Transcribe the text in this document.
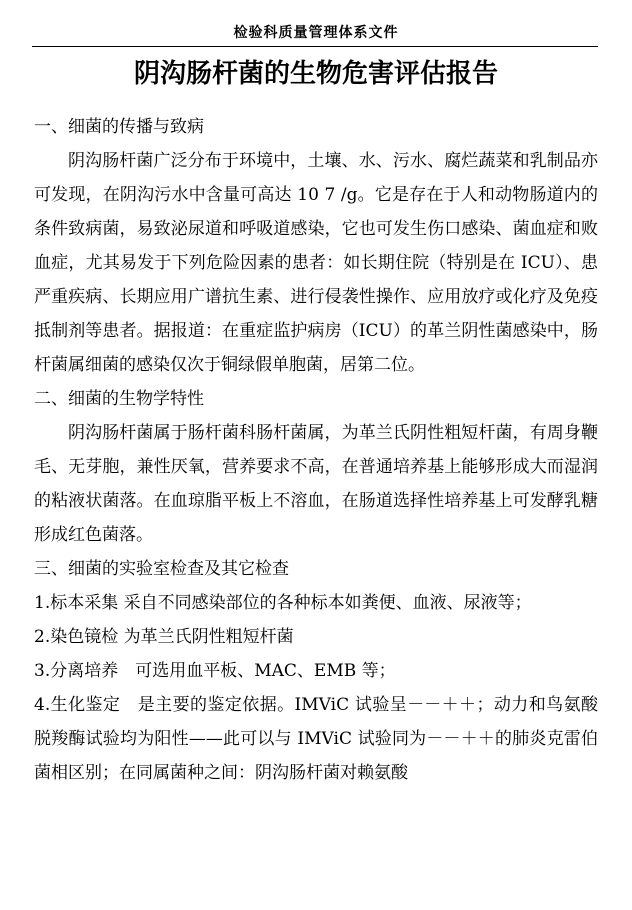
检验科质量管理体系文件
阴沟肠杆菌的生物危害评估报告

一、细菌的传播与致病

阴沟肠杆菌广泛分布于环境中，土壤、水、污水、腐烂蔬菜和乳制品亦可发现，在阴沟污水中含量可高达 10 7 /g。它是存在于人和动物肠道内的条件致病菌，易致泌尿道和呼吸道感染，它也可发生伤口感染、菌血症和败血症，尤其易发于下列危险因素的患者：如长期住院（特别是在 ICU）、患严重疾病、长期应用广谱抗生素、进行侵袭性操作、应用放疗或化疗及免疫抵制剂等患者。据报道：在重症监护病房（ICU）的革兰阴性菌感染中，肠杆菌属细菌的感染仅次于铜绿假单胞菌，居第二位。

二、细菌的生物学特性

阴沟肠杆菌属于肠杆菌科肠杆菌属，为革兰氏阴性粗短杆菌，有周身鞭毛、无芽胞，兼性厌氧，营养要求不高，在普通培养基上能够形成大而湿润的粘液状菌落。在血琼脂平板上不溶血，在肠道选择性培养基上可发酵乳糖形成红色菌落。

三、细菌的实验室检查及其它检查

1.标本采集 采自不同感染部位的各种标本如粪便、血液、尿液等；

2.染色镜检 为革兰氏阴性粗短杆菌

3.分离培养　可选用血平板、MAC、EMB 等；

4.生化鉴定　是主要的鉴定依据。IMViC 试验呈－－＋＋；动力和鸟氨酸脱羧酶试验均为阳性——此可以与 IMViC 试验同为－－＋＋的肺炎克雷伯菌相区别；在同属菌种之间：阴沟肠杆菌对赖氨酸
